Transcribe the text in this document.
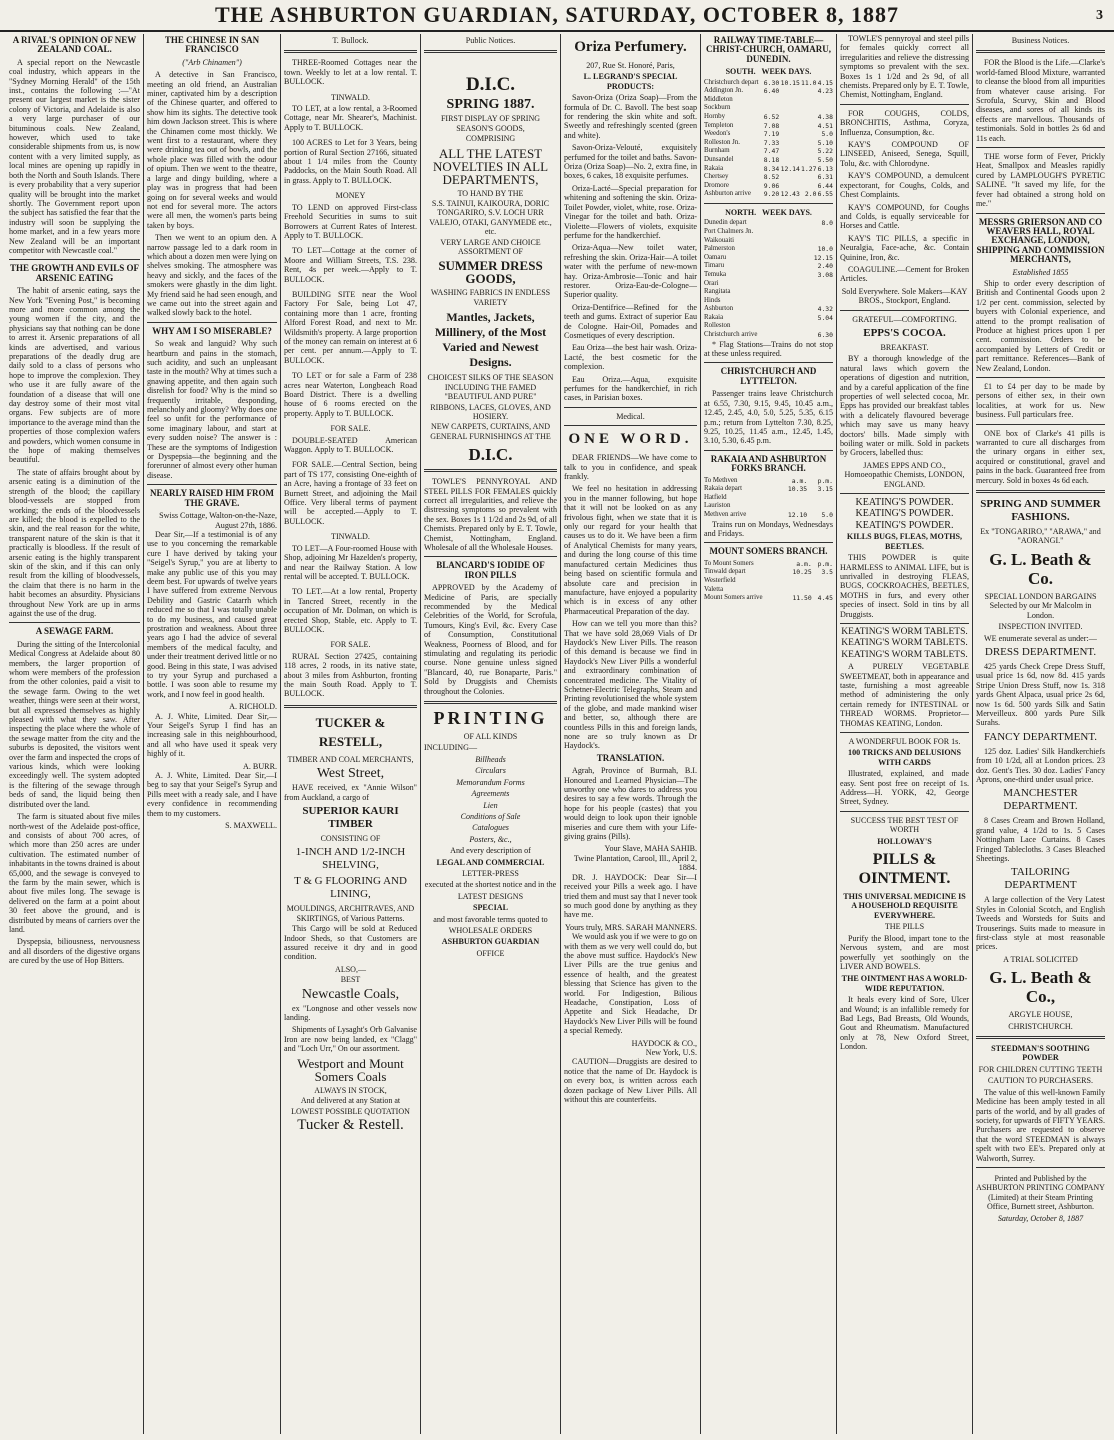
THE ASHBURTON GUARDIAN, SATURDAY, OCTOBER 8, 1887	3
A RIVAL'S OPINION OF NEW ZEALAND COAL.

A special report on the Newcastle coal industry, which appears in the "Sydney Morning Herald" of the 15th inst., contains the following :—"At present our largest market is the sister colony of Victoria, and Adelaide is also a very large purchaser of our bituminous coals. New Zealand, however, which used to take considerable shipments from us, is now content with a very limited supply, as local mines are opening up rapidly in both the North and South Islands. There is every probability that a very superior quality will be brought into the market shortly. The Government report upon the subject has satisfied the fear that the industry will soon be supplying the home market, and in a few years more New Zealand will be an important competitor with Newcastle coal."

THE GROWTH AND EVILS OF ARSENIC EATING

The habit of arsenic eating, says the New York "Evening Post," is becoming more and more common among the young women if the city, and the physicians say that nothing can be done to arrest it. Arsenic preparations of all kinds are advertised, and various preparations of the deadly drug are daily sold to a class of persons who hope to improve the complexion. They who use it are fully aware of the foundation of a disease that will one day destroy some of their most vital organs. Few subjects are of more importance to the average mind than the properties of those complexion wafers and powders, which women consume in the hope of making themselves beautiful.

The state of affairs brought about by arsenic eating is a diminution of the strength of the blood; the capillary blood-vessels are stopped from working; the ends of the bloodvessels are killed; the blood is expelled to the skin, and the real reason for the white, transparent nature of the skin is that it practically is bloodless. If the result of arsenic eating is the highly transparent skin of the skin, and if this can only result from the killing of bloodvessels, the claim that there is no harm in the habit becomes an absurdity. Physicians throughout New York are up in arms against the use of the drug.

A SEWAGE FARM.

During the sitting of the Intercolonial Medical Congress at Adelaide about 80 members, the larger proportion of whom were members of the profession from the other colonies, paid a visit to the sewage farm. Owing to the wet weather, things were seen at their worst, but all expressed themselves as highly pleased with what they saw. After inspecting the place where the whole of the sewage matter from the city and the suburbs is deposited, the visitors went over the farm and inspected the crops of various kinds, which were looking exceedingly well. The system adopted is the filtering of the sewage through beds of sand, the liquid being then distributed over the land.

The farm is situated about five miles north-west of the Adelaide post-office, and consists of about 700 acres, of which more than 250 acres are under cultivation. The estimated number of inhabitants in the towns drained is about 65,000, and the sewage is conveyed to the farm by the main sewer, which is about five miles long. The sewage is delivered on the farm at a point about 30 feet above the ground, and is distributed by means of carriers over the land.

Dyspepsia, biliousness, nervousness and all disorders of the digestive organs are cured by the use of Hop Bitters.

THE CHINESE IN SAN FRANCISCO
("Arb Chinamen")

A detective in San Francisco, meeting an old friend, an Australian miner, captivated him by a description of the Chinese quarter, and offered to show him its sights. The detective took him down Jackson street. This is where the Chinamen come most thickly. We went first to a restaurant, where they were drinking tea out of bowls, and the whole place was filled with the odour of opium. Then we went to the theatre, a large and dingy building, where a play was in progress that had been going on for several weeks and would not end for several more. The actors were all men, the women's parts being taken by boys.

Then we went to an opium den. A narrow passage led to a dark room in which about a dozen men were lying on shelves smoking. The atmosphere was heavy and sickly, and the faces of the smokers were ghastly in the dim light. My friend said he had seen enough, and we came out into the street again and walked slowly back to the hotel.

WHY AM I SO MISERABLE?

So weak and languid? Why such heartburn and pains in the stomach, such acidity, and such an unpleasant taste in the mouth? Why at times such a gnawing appetite, and then again such disrelish for food? Why is the mind so frequently irritable, desponding, melancholy and gloomy? Why does one feel so unfit for the performance of some imaginary labour, and start at every sudden noise? The answer is : These are the symptoms of Indigestion or Dyspepsia—the beginning and the forerunner of almost every other human disease.

NEARLY RAISED HIM FROM THE GRAVE.
Swiss Cottage, Walton-on-the-Naze, August 27th, 1886.

Dear Sir,—If a testimonial is of any use to you concerning the remarkable cure I have derived by taking your "Seigel's Syrup," you are at liberty to make any public use of this you may deem best. For upwards of twelve years I have suffered from extreme Nervous Debility and Gastric Catarrh which reduced me so that I was totally unable to do my business, and caused great prostration and weakness. About three years ago I had the advice of several members of the medical faculty, and under their treatment derived little or no good. Being in this state, I was advised to try your Syrup and purchased a bottle. I was soon able to resume my work, and I now feel in good health.

A. RICHOLD.

A. J. White, Limited. Dear Sir,—Your Seigel's Syrup I find has an increasing sale in this neighbourhood, and all who have used it speak very highly of it.

A. BURR.

A. J. White, Limited. Dear Sir,—I beg to say that your Seigel's Syrup and Pills meet with a ready sale, and I have every confidence in recommending them to my customers.

S. MAXWELL.
T. Bullock.

THREE-Roomed Cottages near the town. Weekly to let at a low rental. T. BULLOCK.

TINWALD.

TO LET, at a low rental, a 3-Roomed Cottage, near Mr. Shearer's, Machinist. Apply to T. BULLOCK.

100 ACRES to Let for 3 Years, being portion of Rural Section 27166, situated about 1 1/4 miles from the County Paddocks, on the Main South Road. All in grass. Apply to T. BULLOCK.

MONEY

TO LEND on approved First-class Freehold Securities in sums to suit Borrowers at Current Rates of Interest. Apply to T. BULLOCK.

TO LET—Cottage at the corner of Moore and William Streets, T.S. 238. Rent, 4s per week.—Apply to T. BULLOCK.

BUILDING SITE near the Wool Factory For Sale, being Lot 47, containing more than 1 acre, fronting Alford Forest Road, and next to Mr. Wildsmith's property. A large proportion of the money can remain on interest at 6 per cent. per annum.—Apply to T. BULLOCK.

TO LET or for sale a Farm of 238 acres near Waterton, Longbeach Road Board District. There is a dwelling house of 6 rooms erected on the property. Apply to T. BULLOCK.

FOR SALE.

DOUBLE-SEATED American Waggon. Apply to T. BULLOCK.

FOR SALE.—Central Section, being part of TS 177, consisting One-eighth of an Acre, having a frontage of 33 feet on Burnett Street, and adjoining the Mail Office. Very liberal terms of payment will be accepted.—Apply to T. BULLOCK.

TINWALD.

TO LET—A Four-roomed House with Shop, adjoining Mr Hazelden's property, and near the Railway Station. A low rental will be accepted. T. BULLOCK.

TO LET.—At a low rental, Property in Tancred Street, recently in the occupation of Mr. Dolman, on which is erected Shop, Stable, etc. Apply to T. BULLOCK.

FOR SALE.

RURAL Section 27425, containing 118 acres, 2 roods, in its native state, about 3 miles from Ashburton, fronting the main South Road. Apply to T. BULLOCK.

TUCKER & RESTELL,
TIMBER AND COAL MERCHANTS,
West Street,

HAVE received, ex "Annie Wilson" from Auckland, a cargo of

SUPERIOR KAURI TIMBER
CONSISTING OF
1-INCH AND 1/2-INCH SHELVING,
T & G FLOORING AND LINING,
MOULDINGS, ARCHITRAVES, AND SKIRTINGS, of Various Patterns.

This Cargo will be sold at Reduced Indoor Sheds, so that Customers are assured receive it dry and in good condition.

ALSO,—
BEST
Newcastle Coals,

ex "Longnose and other vessels now landing.

Shipments of Lysaght's Orb Galvanise Iron are now being landed, ex "Clagg" and "Loch Urr," On our assortment.

Westport and Mount Somers Coals
ALWAYS IN STOCK,
And delivered at any Station at
LOWEST POSSIBLE QUOTATION
Tucker & Restell.
Public Notices.
D.I.C.
SPRING 1887.
FIRST DISPLAY OF SPRING SEASON'S GOODS,
COMPRISING
ALL THE LATEST NOVELTIES IN ALL DEPARTMENTS,
TO HAND BY THE
S.S. TAINUI, KAIKOURA, DORIC TONGARIRO, S.V. LOCH URR VALEJO, OTAKI, GANYMEDE etc., etc.
VERY LARGE AND CHOICE ASSORTMENT OF
SUMMER DRESS GOODS,
WASHING FABRICS IN ENDLESS VARIETY
Mantles, Jackets, Millinery, of the Most Varied and Newest Designs.
CHOICEST SILKS OF THE SEASON INCLUDING THE FAMED "BEAUTIFUL AND PURE"
RIBBONS, LACES, GLOVES, AND HOSIERY.
NEW CARPETS, CURTAINS, AND GENERAL FURNISHINGS AT THE
D.I.C.

TOWLE'S PENNYROYAL AND STEEL PILLS FOR FEMALES quickly correct all irregularities, and relieve the distressing symptoms so prevalent with the sex. Boxes 1s 1 1/2d and 2s 9d, of all Chemists. Prepared only by E. T. Towle, Chemist, Nottingham, England. Wholesale of all the Wholesale Houses.

BLANCARD'S IODIDE OF IRON PILLS

APPROVED by the Academy of Medicine of Paris, are specially recommended by the Medical Celebrities of the World, for Scrofula, Tumours, King's Evil, &c. Every Case of Consumption, Constitutional Weakness, Poorness of Blood, and for stimulating and regulating its periodic course. None genuine unless signed "Blancard, 40, rue Bonaparte, Paris." Sold by Druggists and Chemists throughout the Colonies.

PRINTING
OF ALL KINDS
INCLUDING—
Billheads
Circulars
Memorandum Forms
Agreements
Lien
Conditions of Sale
Catalogues
Posters, &c.,
And every description of
LEGAL AND COMMERCIAL
LETTER-PRESS
executed at the shortest notice and in the
LATEST DESIGNS
SPECIAL
and most favorable terms quoted to
WHOLESALE ORDERS
ASHBURTON GUARDIAN
OFFICE
Oriza Perfumery.
207, Rue St. Honoré, Paris,
L. LEGRAND'S SPECIAL PRODUCTS:

Savon-Oriza (Oriza Soap)—From the formula of Dr. C. Bavoll. The best soap for rendering the skin white and soft. Sweetly and refreshingly scented (green and white).

Savon-Oriza-Velouté, exquisitely perfumed for the toilet and baths. Savon-Oriza (Oriza Soap)—No. 2, extra fine, in boxes, 6 cakes, 18 exquisite perfumes.

Oriza-Lacté—Special preparation for whitening and softening the skin. Oriza-Toilet Powder, violet, white, rose. Oriza-Vinegar for the toilet and bath. Oriza-Violette—Flowers of violets, exquisite perfume for the handkerchief.

Oriza-Aqua—New toilet water, refreshing the skin. Oriza-Hair—A toilet water with the perfume of new-mown hay. Oriza-Ambrosie—Tonic and hair restorer. Oriza-Eau-de-Cologne—Superior quality.

Oriza-Dentifrice—Refined for the teeth and gums. Extract of superior Eau de Cologne. Hair-Oil, Pomades and Cosmetiques of every description.

Eau Oriza—the best hair wash. Oriza-Lacté, the best cosmetic for the complexion.

Eau Oriza.—Aqua, exquisite perfumes for the handkerchief, in rich cases, in Parisian boxes.

Medical.
ONE WORD.

DEAR FRIENDS—We have come to talk to you in confidence, and speak frankly.

We feel no hesitation in addressing you in the manner following, but hope that it will not be looked on as any frivolous fight, when we state that it is only our regard for your health that causes us to do it. We have been a firm of Analytical Chemists for many years, and during the long course of this time manufactured certain Medicines thus being based on scientific formula and absolute care and precision in manufacture, have enjoyed a popularity which is in excess of any other Pharmaceutical Preparation of the day.

How can we tell you more than this? That we have sold 28,069 Vials of Dr Haydock's New Liver Pills. The reason of this demand is because we find in Haydock's New Liver Pills a wonderful and extraordinary combination of concentrated medicine. The Vitality of Schetner-Electric Telegraphs, Steam and Printing revolutionised the whole system of the globe, and made mankind wiser and better, so, although there are countless Pills in this and foreign lands, none are so truly known as Dr Haydock's.

TRANSLATION.

Agrah, Province of Burmah, B.I. Honoured and Learned Physician—The unworthy one who dares to address you desires to say a few words. Through the hope for his people (castes) that you would deign to look upon their ignoble miseries and cure them with your Life-giving grains (Pills).

Your Slave, MAHA SAHIB.
Twine Plantation, Carool, Ill., April 2, 1884.

DR. J. HAYDOCK: Dear Sir—I received your Pills a week ago. I have tried them and must say that I never took so much good done by anything as they have me.

Yours truly, MRS. SARAH MANNERS.

We would ask you if we were to go on with them as we very well could do, but the above must suffice. Haydock's New Liver Pills are the true genius and essence of health, and the greatest blessing that Science has given to the world. For Indigestion, Bilious Headache, Constipation, Loss of Appetite and Sick Headache, Dr Haydock's New Liver Pills will be found a special Remedy.

HAYDOCK & CO.,
New York, U.S.

CAUTION—Druggists are desired to notice that the name of Dr. Haydock is on every box, is written across each dozen package of New Liver Pills. All without this are counterfeits.

RAILWAY TIME-TABLE—CHRIST-CHURCH, OAMARU, DUNEDIN.
SOUTH. WEEK DAYS.
Christchurch depart	6.30	10.15	11.0	4.15
Addington Jn.	6.40			4.23
Middleton				
Sockburn				
Hornby	6.52			4.38
Templeton	7.08			4.51
Weedon's	7.19			5.0
Rolleston Jn.	7.33			5.10
Burnham	7.47			5.22
Dunsandel	8.18			5.50
Rakaia	8.34	12.14	1.27	6.13
Chertsey	8.52			6.31
Dromore	9.06			6.44
Ashburton arrive	9.20	12.43	2.0	6.55
NORTH. WEEK DAYS.
Dunedin depart				8.0
Port Chalmers Jn.				
Waikouaiti				
Palmerston				10.0
Oamaru				12.15
Timaru				2.40
Temuka				3.08
Orari				
Rangitata				
Hinds				
Ashburton				4.32
Rakaia				5.04
Rolleston				
Christchurch arrive				6.30

* Flag Stations—Trains do not stop at these unless required.

CHRISTCHURCH AND LYTTELTON.

Passenger trains leave Christchurch at 6.55, 7.30, 9.15, 9.45, 10.45 a.m., 12.45, 2.45, 4.0, 5.0, 5.25, 5.35, 6.15 p.m.; return from Lyttelton 7.30, 8.25, 9.25, 10.25, 11.45 a.m., 12.45, 1.45, 3.10, 5.30, 6.45 p.m.

RAKAIA AND ASHBURTON FORKS BRANCH.
To Methven	a.m.	p.m.
Rakaia depart	10.35	3.15
Hatfield		
Lauriston		
Methven arrive	12.10	5.0

Trains run on Mondays, Wednesdays and Fridays.

MOUNT SOMERS BRANCH.
To Mount Somers	a.m.	p.m.
Tinwald depart	10.25	3.5
Westerfield		
Valetta		
Mount Somers arrive	11.50	4.45

TOWLE'S pennyroyal and steel pills for females quickly correct all irregularities and relieve the distressing symptoms so prevalent with the sex. Boxes 1s 1 1/2d and 2s 9d, of all chemists. Prepared only by E. T. Towle, Chemist, Nottingham, England.

FOR COUGHS, COLDS, BRONCHITIS, Asthma, Coryza, Influenza, Consumption, &c.

KAY'S COMPOUND OF LINSEED, Aniseed, Senega, Squill, Tolu, &c. with Chlorodyne.

KAY'S COMPOUND, a demulcent expectorant, for Coughs, Colds, and Chest Complaints.

KAY'S COMPOUND, for Coughs and Colds, is equally serviceable for Horses and Cattle.

KAY'S TIC PILLS, a specific in Neuralgia, Face-ache, &c. Contain Quinine, Iron, &c.

COAGULINE.—Cement for Broken Articles.

Sold Everywhere. Sole Makers—KAY BROS., Stockport, England.
GRATEFUL—COMFORTING.
EPPS'S COCOA.
BREAKFAST.

BY a thorough knowledge of the natural laws which govern the operations of digestion and nutrition, and by a careful application of the fine properties of well selected cocoa, Mr. Epps has provided our breakfast tables with a delicately flavoured beverage which may save us many heavy doctors' bills. Made simply with boiling water or milk. Sold in packets by Grocers, labelled thus:

JAMES EPPS AND CO., Homoeopathic Chemists, LONDON, ENGLAND.
KEATING'S POWDER.
KEATING'S POWDER.
KEATING'S POWDER.
KILLS BUGS, FLEAS, MOTHS, BEETLES.

THIS POWDER is quite HARMLESS to ANIMAL LIFE, but is unrivalled in destroying FLEAS, BUGS, COCKROACHES, BEETLES, MOTHS in furs, and every other species of insect. Sold in tins by all Druggists.

KEATING'S WORM TABLETS.
KEATING'S WORM TABLETS.
KEATING'S WORM TABLETS.

A PURELY VEGETABLE SWEETMEAT, both in appearance and taste, furnishing a most agreeable method of administering the only certain remedy for INTESTINAL or THREAD WORMS. Proprietor—THOMAS KEATING, London.

A WONDERFUL BOOK FOR 1s.
100 TRICKS AND DELUSIONS WITH CARDS

Illustrated, explained, and made easy. Sent post free on receipt of 1s. Address—H. YORK, 42, George Street, Sydney.

SUCCESS THE BEST TEST OF WORTH
HOLLOWAY'S
PILLS & OINTMENT.
THIS UNIVERSAL MEDICINE IS A HOUSEHOLD REQUISITE EVERYWHERE.
THE PILLS

Purify the Blood, impart tone to the Nervous system, and are most powerfully yet soothingly on the LIVER AND BOWELS.

THE OINTMENT HAS A WORLD-WIDE REPUTATION.

It heals every kind of Sore, Ulcer and Wound; is an infallible remedy for Bad Legs, Bad Breasts, Old Wounds, Gout and Rheumatism. Manufactured only at 78, New Oxford Street, London.

Business Notices.

FOR the Blood is the Life.—Clarke's world-famed Blood Mixture, warranted to cleanse the blood from all impurities from whatever cause arising. For Scrofula, Scurvy, Skin and Blood diseases, and sores of all kinds its effects are marvellous. Thousands of testimonials. Sold in bottles 2s 6d and 11s each.

THE worse form of Fever, Prickly Heat, Smallpox and Measles rapidly cured by LAMPLOUGH'S PYRETIC SALINE. "It saved my life, for the fever had obtained a strong hold on me."

MESSRS GRIERSON AND CO WEAVERS HALL, ROYAL EXCHANGE, LONDON, SHIPPING AND COMMISSION MERCHANTS,
Established 1855

Ship to order every description of British and Continental Goods upon 2 1/2 per cent. commission, selected by buyers with Colonial experience, and attend to the prompt realisation of Produce at highest prices upon 1 per cent. commission. Orders to be accompanied by Letters of Credit or part remittance. References—Bank of New Zealand, London.

£1 to £4 per day to be made by persons of either sex, in their own localities, at work for us. New business. Full particulars free.

ONE box of Clarke's 41 pills is warranted to cure all discharges from the urinary organs in either sex, acquired or constitutional, gravel and pains in the back. Guaranteed free from mercury. Sold in boxes 4s 6d each.

SPRING AND SUMMER FASHIONS.
Ex "TONGARIRO," "ARAWA," and "AORANGI."
G. L. Beath & Co.
SPECIAL LONDON BARGAINS Selected by our Mr Malcolm in London.
INSPECTION INVITED.

WE enumerate several as under:—

DRESS DEPARTMENT.

425 yards Check Crepe Dress Stuff, usual price 1s 6d, now 8d. 415 yards Stripe Union Dress Stuff, now 1s. 318 yards Ghent Alpaca, usual price 2s 6d, now 1s 6d. 500 yards Silk and Satin Merveilleux. 800 yards Pure Silk Surahs.

FANCY DEPARTMENT.

125 doz. Ladies' Silk Handkerchiefs from 10 1/2d, all at London prices. 23 doz. Gent's Ties. 30 doz. Ladies' Fancy Aprons, one-third under usual price.

MANCHESTER DEPARTMENT.

8 Cases Cream and Brown Holland, grand value, 4 1/2d to 1s. 5 Cases Nottingham Lace Curtains. 8 Cases Fringed Tablecloths. 3 Cases Bleached Sheetings.

TAILORING DEPARTMENT

A large collection of the Very Latest Styles in Colonial Scotch, and English Tweeds and Worsteds for Suits and Trouserings. Suits made to measure in first-class style at most reasonable prices.

A TRIAL SOLICITED
G. L. Beath & Co.,
ARGYLE HOUSE,
CHRISTCHURCH.
STEEDMAN'S SOOTHING POWDER
FOR CHILDREN CUTTING TEETH
CAUTION TO PURCHASERS.

The value of this well-known Family Medicine has been amply tested in all parts of the world, and by all grades of society, for upwards of FIFTY YEARS. Purchasers are requested to observe that the word STEEDMAN is always spelt with two EE's. Prepared only at Walworth, Surrey.

Printed and Published by the ASHBURTON PRINTING COMPANY (Limited) at their Steam Printing Office, Burnett street, Ashburton.
Saturday, October 8, 1887
